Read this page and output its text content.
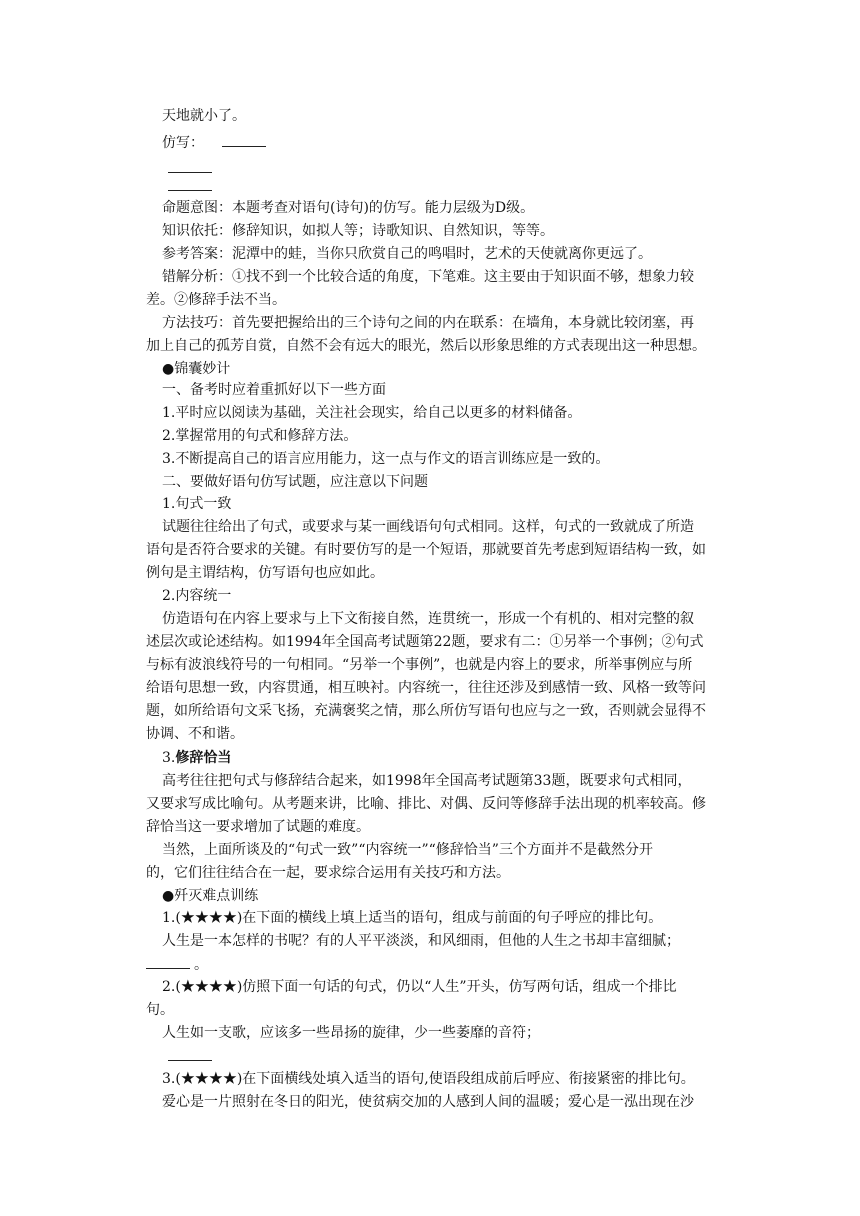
天地就小了。
仿写：
命题意图：本题考查对语句(诗句)的仿写。能力层级为D级。
知识依托：修辞知识，如拟人等；诗歌知识、自然知识，等等。
参考答案：泥潭中的蛙，当你只欣赏自己的鸣唱时，艺术的天使就离你更远了。
错解分析：①找不到一个比较合适的角度，下笔难。这主要由于知识面不够，想象力较
差。②修辞手法不当。
方法技巧：首先要把握给出的三个诗句之间的内在联系：在墙角，本身就比较闭塞，再
加上自己的孤芳自赏，自然不会有远大的眼光，然后以形象思维的方式表现出这一种思想。
●锦囊妙计
一、备考时应着重抓好以下一些方面
1.平时应以阅读为基础，关注社会现实，给自己以更多的材料储备。
2.掌握常用的句式和修辞方法。
3.不断提高自己的语言应用能力，这一点与作文的语言训练应是一致的。
二、要做好语句仿写试题，应注意以下问题
1.句式一致
试题往往给出了句式，或要求与某一画线语句句式相同。这样，句式的一致就成了所造
语句是否符合要求的关键。有时要仿写的是一个短语，那就要首先考虑到短语结构一致，如
例句是主谓结构，仿写语句也应如此。
2.内容统一
仿造语句在内容上要求与上下文衔接自然，连贯统一，形成一个有机的、相对完整的叙
述层次或论述结构。如1994年全国高考试题第22题，要求有二：①另举一个事例；②句式
与标有波浪线符号的一句相同。“另举一个事例”，也就是内容上的要求，所举事例应与所
给语句思想一致，内容贯通，相互映衬。内容统一，往往还涉及到感情一致、风格一致等问
题，如所给语句文采飞扬，充满褒奖之情，那么所仿写语句也应与之一致，否则就会显得不
协调、不和谐。
3.修辞恰当
高考往往把句式与修辞结合起来，如1998年全国高考试题第33题，既要求句式相同，
又要求写成比喻句。从考题来讲，比喻、排比、对偶、反问等修辞手法出现的机率较高。修
辞恰当这一要求增加了试题的难度。
当然，上面所谈及的“句式一致”“内容统一”“修辞恰当”三个方面并不是截然分开
的，它们往往结合在一起，要求综合运用有关技巧和方法。
●歼灭难点训练
1.(★★★★)在下面的横线上填上适当的语句，组成与前面的句子呼应的排比句。
人生是一本怎样的书呢？有的人平平淡淡，和风细雨，但他的人生之书却丰富细腻；
。
2.(★★★★)仿照下面一句话的句式，仍以“人生”开头，仿写两句话，组成一个排比
句。
人生如一支歌，应该多一些昂扬的旋律，少一些萎靡的音符；
3.(★★★★)在下面横线处填入适当的语句,使语段组成前后呼应、衔接紧密的排比句。
爱心是一片照射在冬日的阳光，使贫病交加的人感到人间的温暖；爱心是一泓出现在沙
